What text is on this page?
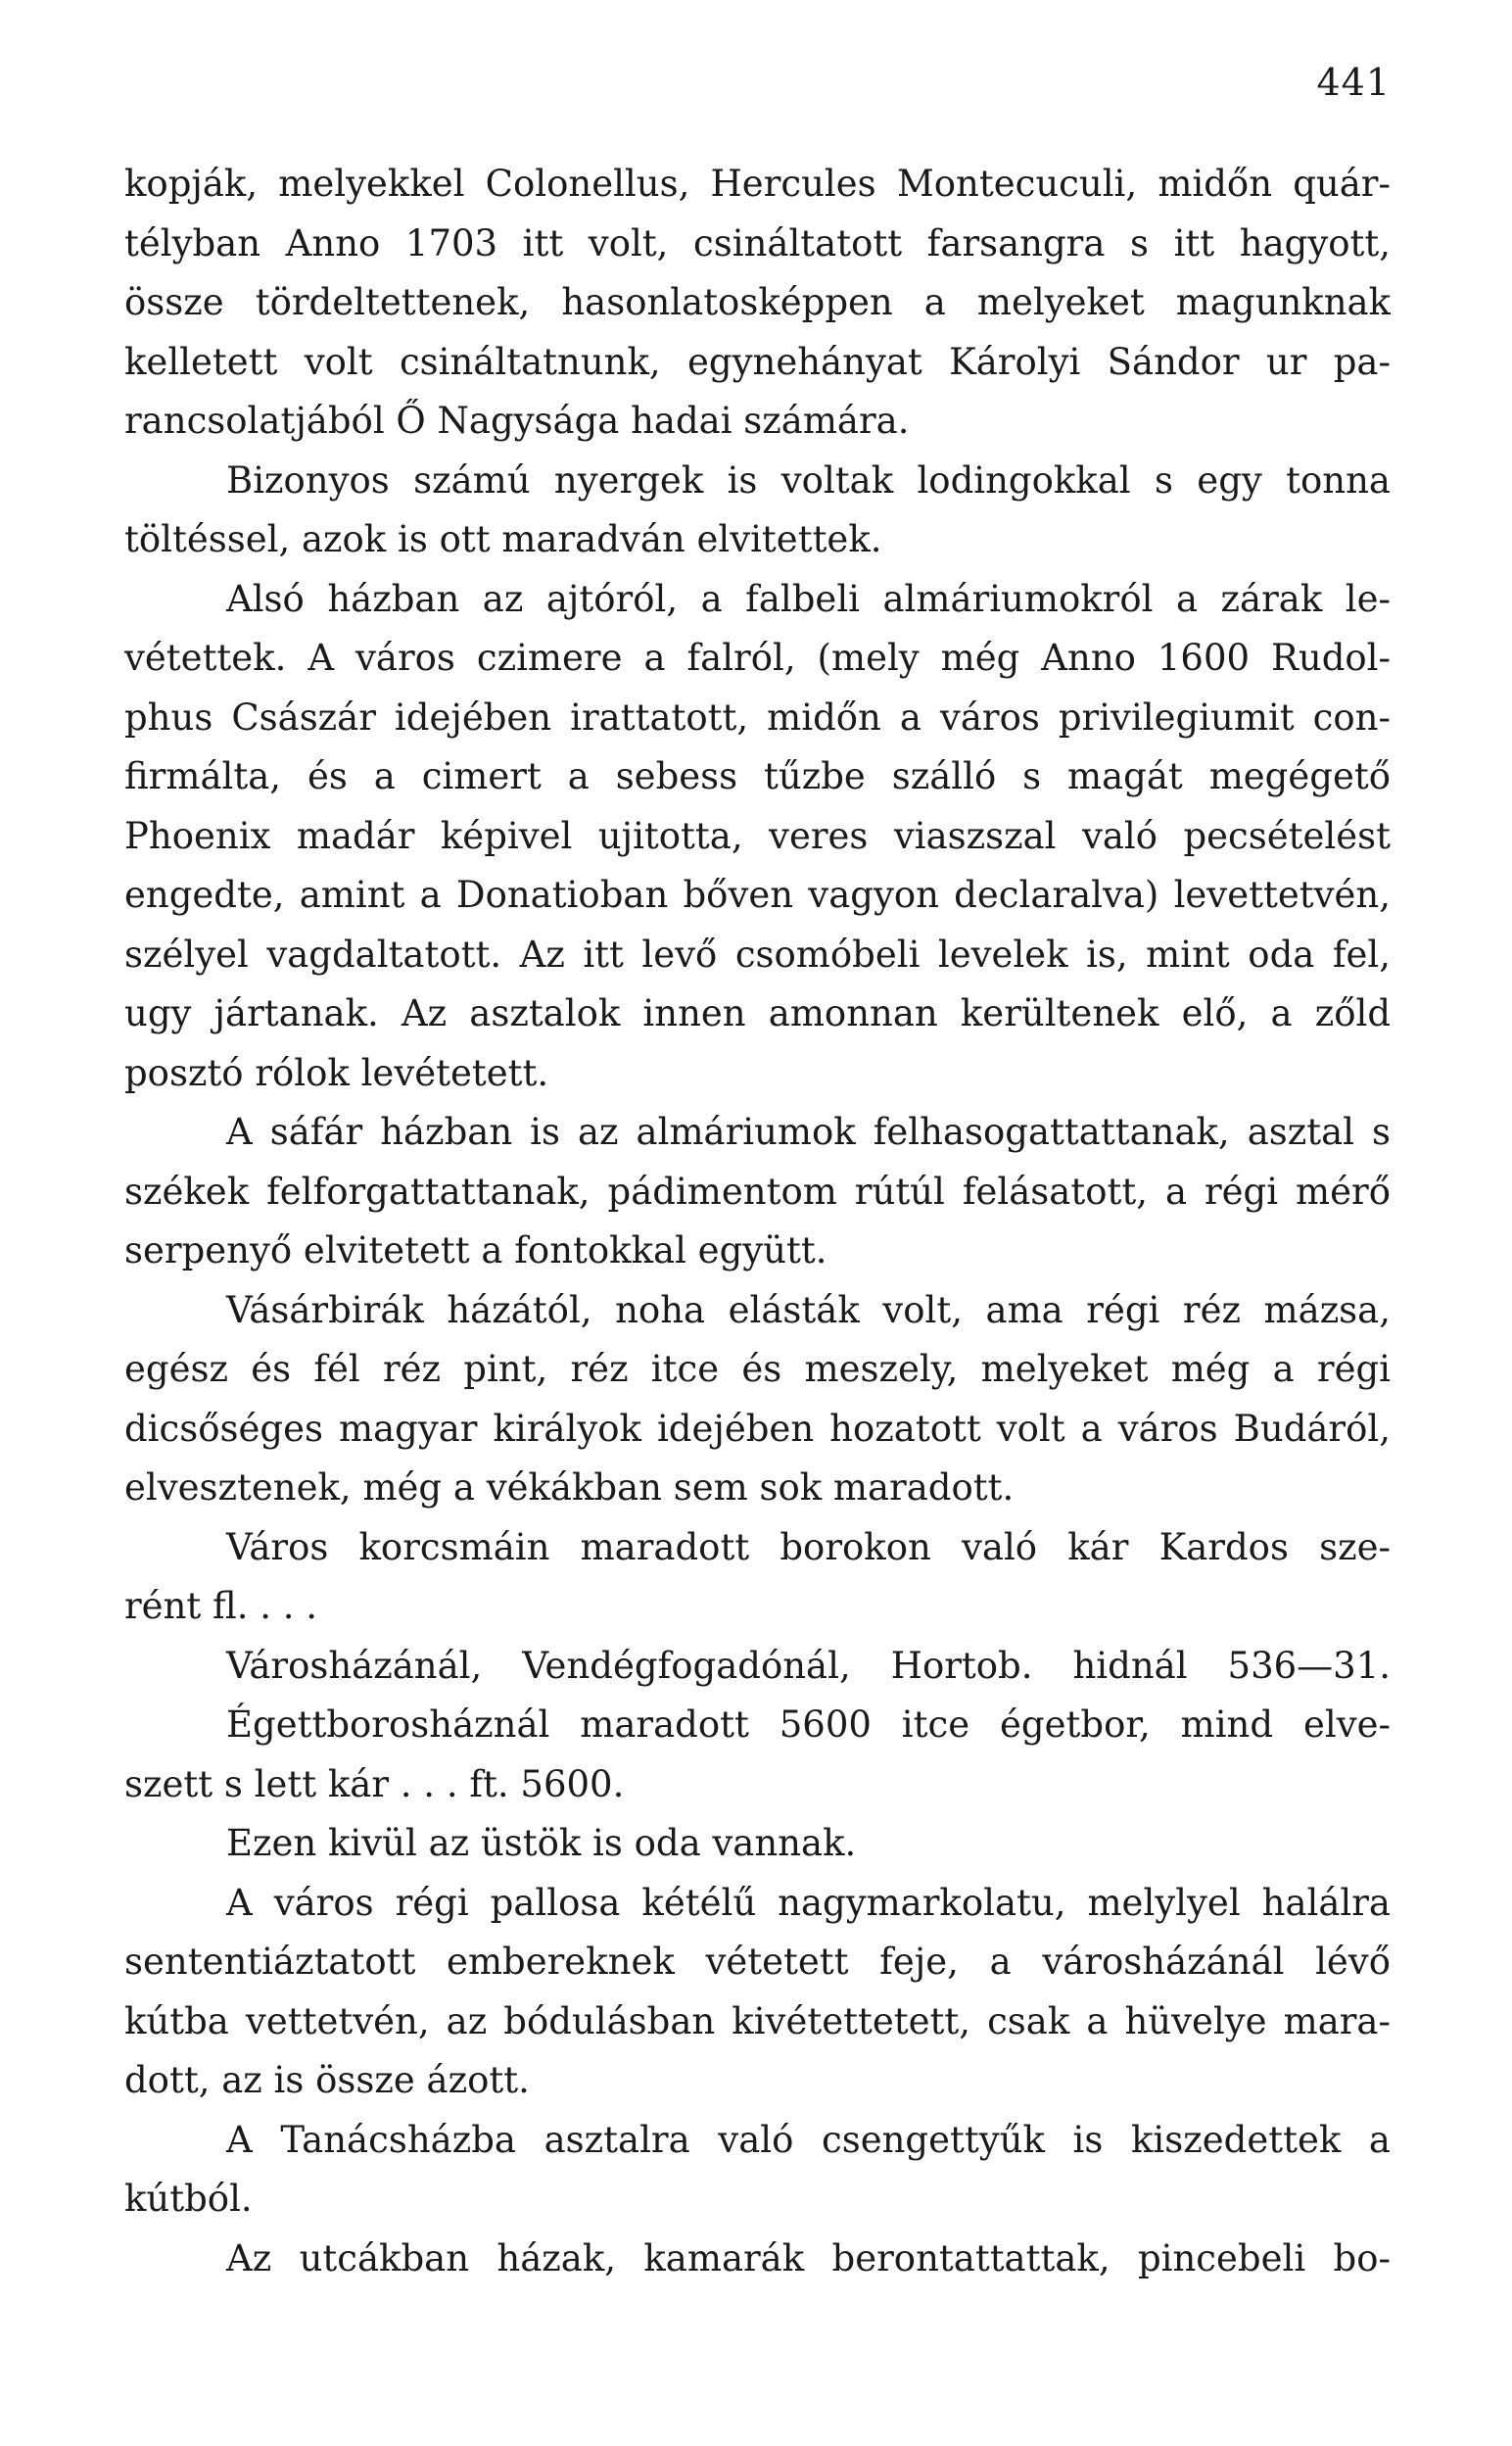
441
kopják, melyekkel Colonellus, Hercules Montecuculi, midőn quár-
télyban Anno 1703 itt volt, csináltatott farsangra s itt hagyott,
össze tördeltettenek, hasonlatosképpen a melyeket magunknak
kelletett volt csináltatnunk, egynehányat Károlyi Sándor ur pa-
rancsolatjából Ő Nagysága hadai számára.
Bizonyos számú nyergek is voltak lodingokkal s egy tonna
töltéssel, azok is ott maradván elvitettek.
Alsó házban az ajtóról, a falbeli almáriumokról a zárak le-
vétettek. A város czimere a falról, (mely még Anno 1600 Rudol-
phus Császár idejében irattatott, midőn a város privilegiumit con-
firmálta, és a cimert a sebess tűzbe szálló s magát megégető
Phoenix madár képivel ujitotta, veres viaszszal való pecsételést
engedte, amint a Donatioban bőven vagyon declaralva) levettetvén,
szélyel vagdaltatott. Az itt levő csomóbeli levelek is, mint oda fel,
ugy jártanak. Az asztalok innen amonnan kerültenek elő, a zőld
posztó rólok levétetett.
A sáfár házban is az almáriumok felhasogattattanak, asztal s
székek felforgattattanak, pádimentom rútúl felásatott, a régi mérő
serpenyő elvitetett a fontokkal együtt.
Vásárbirák házától, noha elásták volt, ama régi réz mázsa,
egész és fél réz pint, réz itce és meszely, melyeket még a régi
dicsőséges magyar királyok idejében hozatott volt a város Budáról,
elvesztenek, még a vékákban sem sok maradott.
Város korcsmáin maradott borokon való kár Kardos sze-
rént fl. . . .
Városházánál, Vendégfogadónál, Hortob. hidnál 536—31.
Égettborosháznál maradott 5600 itce égetbor, mind elve-
szett s lett kár . . . ft. 5600.
Ezen kivül az üstök is oda vannak.
A város régi pallosa kétélű nagymarkolatu, melylyel halálra
sententiáztatott embereknek vétetett feje, a városházánál lévő
kútba vettetvén, az bódulásban kivétettetett, csak a hüvelye mara-
dott, az is össze ázott.
A Tanácsházba asztalra való csengettyűk is kiszedettek a
kútból.
Az utcákban házak, kamarák berontattattak, pincebeli bo-
